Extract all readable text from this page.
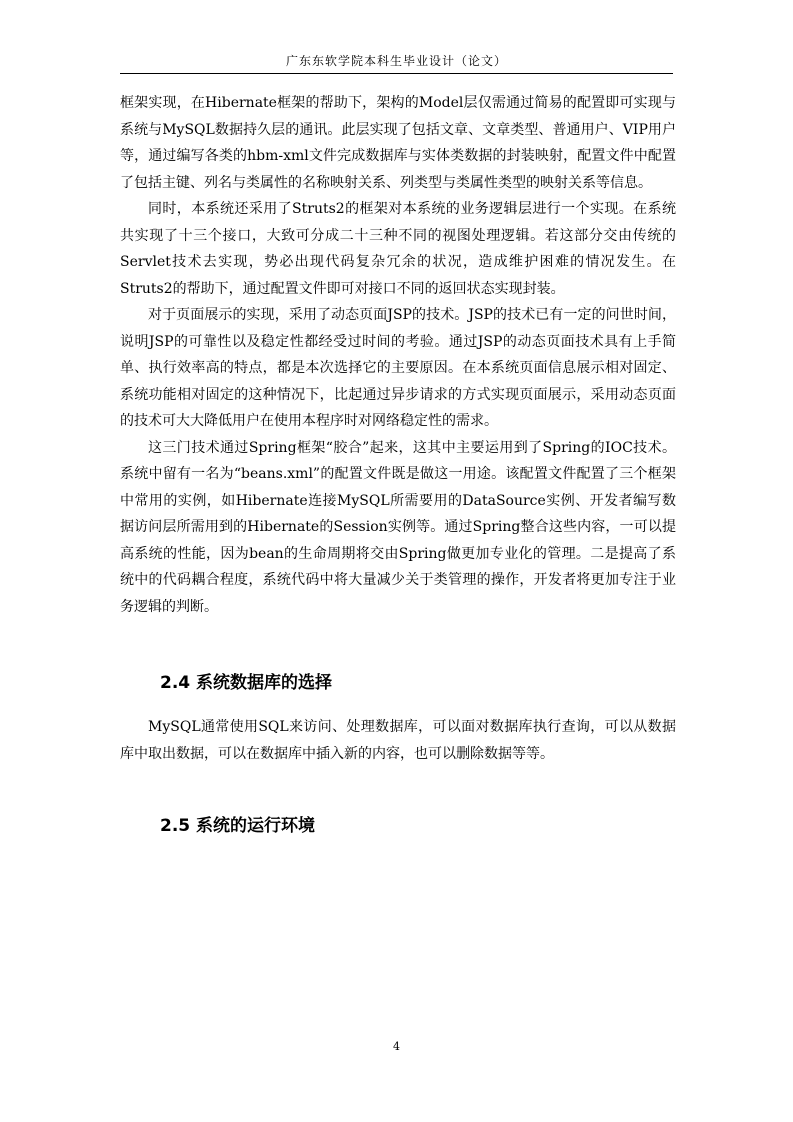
广东东软学院本科生毕业设计（论文）

框架实现，在Hibernate框架的帮助下，架构的Model层仅需通过简易的配置即可实现与系统与MySQL数据持久层的通讯。此层实现了包括文章、文章类型、普通用户、VIP用户等，通过编写各类的hbm-xml文件完成数据库与实体类数据的封装映射，配置文件中配置了包括主键、列名与类属性的名称映射关系、列类型与类属性类型的映射关系等信息。

同时，本系统还采用了Struts2的框架对本系统的业务逻辑层进行一个实现。在系统共实现了十三个接口，大致可分成二十三种不同的视图处理逻辑。若这部分交由传统的Servlet技术去实现，势必出现代码复杂冗余的状况，造成维护困难的情况发生。在Struts2的帮助下，通过配置文件即可对接口不同的返回状态实现封装。

对于页面展示的实现，采用了动态页面JSP的技术。JSP的技术已有一定的问世时间，说明JSP的可靠性以及稳定性都经受过时间的考验。通过JSP的动态页面技术具有上手简单、执行效率高的特点，都是本次选择它的主要原因。在本系统页面信息展示相对固定、系统功能相对固定的这种情况下，比起通过异步请求的方式实现页面展示，采用动态页面的技术可大大降低用户在使用本程序时对网络稳定性的需求。

这三门技术通过Spring框架“胶合”起来，这其中主要运用到了Spring的IOC技术。系统中留有一名为“beans.xml”的配置文件既是做这一用途。该配置文件配置了三个框架中常用的实例，如Hibernate连接MySQL所需要用的DataSource实例、开发者编写数据访问层所需用到的Hibernate的Session实例等。通过Spring整合这些内容，一可以提高系统的性能，因为bean的生命周期将交由Spring做更加专业化的管理。二是提高了系统中的代码耦合程度，系统代码中将大量减少关于类管理的操作，开发者将更加专注于业务逻辑的判断。

2.4 系统数据库的选择

MySQL通常使用SQL来访问、处理数据库，可以面对数据库执行查询，可以从数据库中取出数据，可以在数据库中插入新的内容，也可以删除数据等等。

2.5 系统的运行环境
4
